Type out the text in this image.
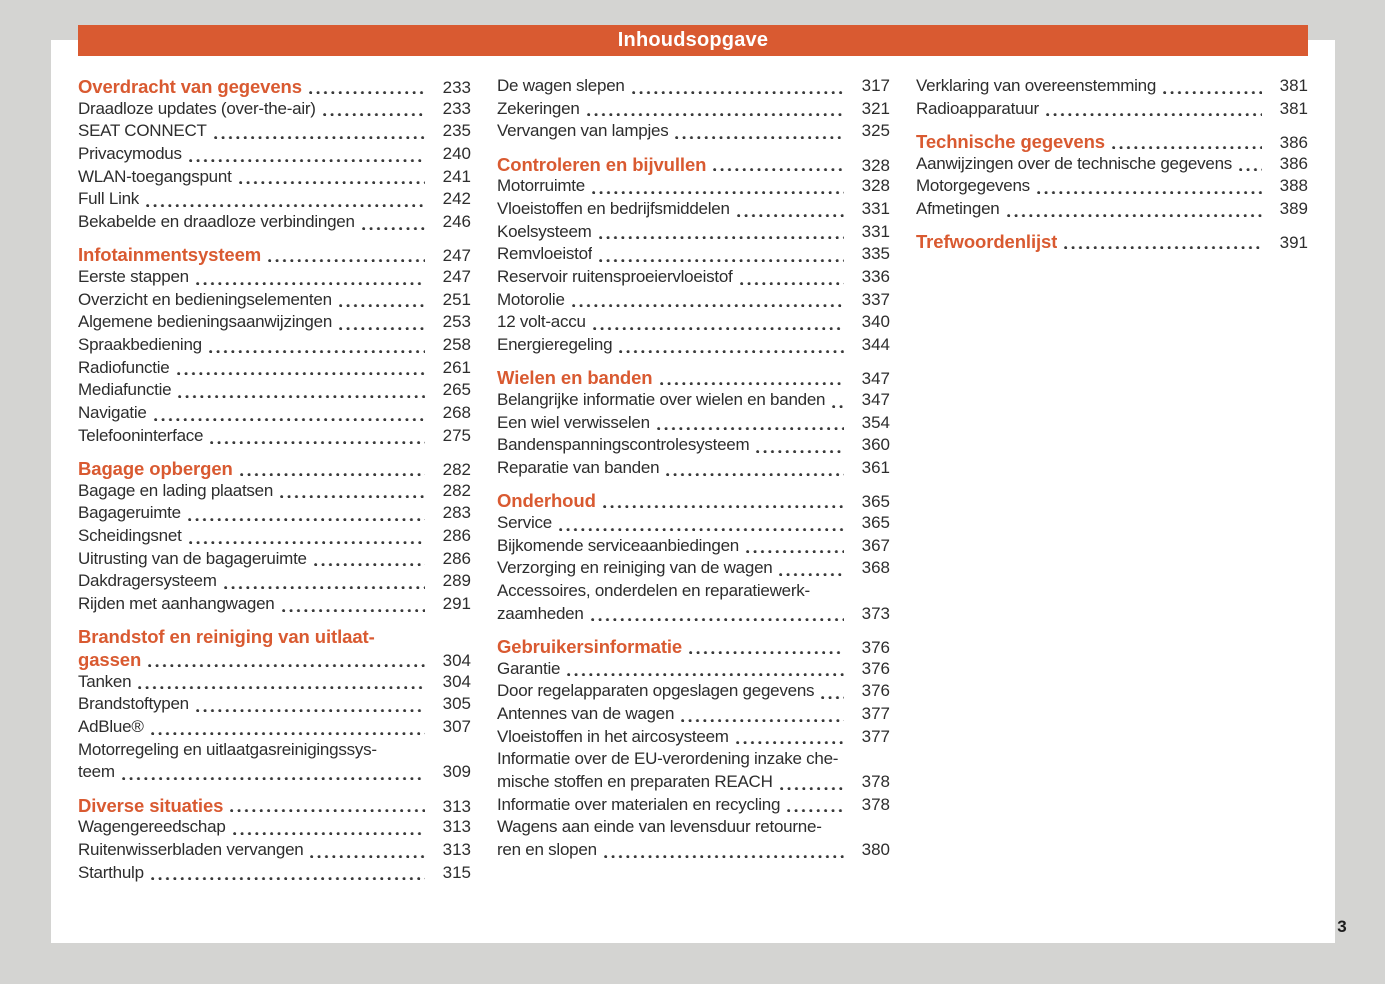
Inhoudsopgave
Overdracht van gegevens	233
Draadloze updates (over-the-air)	233
SEAT CONNECT	235
Privacymodus	240
WLAN-toegangspunt	241
Full Link	242
Bekabelde en draadloze verbindingen	246
Infotainmentsysteem	247
Eerste stappen	247
Overzicht en bedieningselementen	251
Algemene bedieningsaanwijzingen	253
Spraakbediening	258
Radiofunctie	261
Mediafunctie	265
Navigatie	268
Telefooninterface	275
Bagage opbergen	282
Bagage en lading plaatsen	282
Bagageruimte	283
Scheidingsnet	286
Uitrusting van de bagageruimte	286
Dakdragersysteem	289
Rijden met aanhangwagen	291
Brandstof en reiniging van uitlaat-
gassen	304
Tanken	304
Brandstoftypen	305
AdBlue®	307
Motorregeling en uitlaatgasreinigingssys-
teem	309
Diverse situaties	313
Wagengereedschap	313
Ruitenwisserbladen vervangen	313
Starthulp	315
De wagen slepen	317
Zekeringen	321
Vervangen van lampjes	325
Controleren en bijvullen	328
Motorruimte	328
Vloeistoffen en bedrijfsmiddelen	331
Koelsysteem	331
Remvloeistof	335
Reservoir ruitensproeiervloeistof	336
Motorolie	337
12 volt-accu	340
Energieregeling	344
Wielen en banden	347
Belangrijke informatie over wielen en banden	347
Een wiel verwisselen	354
Bandenspanningscontrolesysteem	360
Reparatie van banden	361
Onderhoud	365
Service	365
Bijkomende serviceaanbiedingen	367
Verzorging en reiniging van de wagen	368
Accessoires, onderdelen en reparatiewerk-
zaamheden	373
Gebruikersinformatie	376
Garantie	376
Door regelapparaten opgeslagen gegevens	376
Antennes van de wagen	377
Vloeistoffen in het aircosysteem	377
Informatie over de EU-verordening inzake che-
mische stoffen en preparaten REACH	378
Informatie over materialen en recycling	378
Wagens aan einde van levensduur retourne-
ren en slopen	380
Verklaring van overeenstemming	381
Radioapparatuur	381
Technische gegevens	386
Aanwijzingen over de technische gegevens	386
Motorgegevens	388
Afmetingen	389
Trefwoordenlijst	391
3
